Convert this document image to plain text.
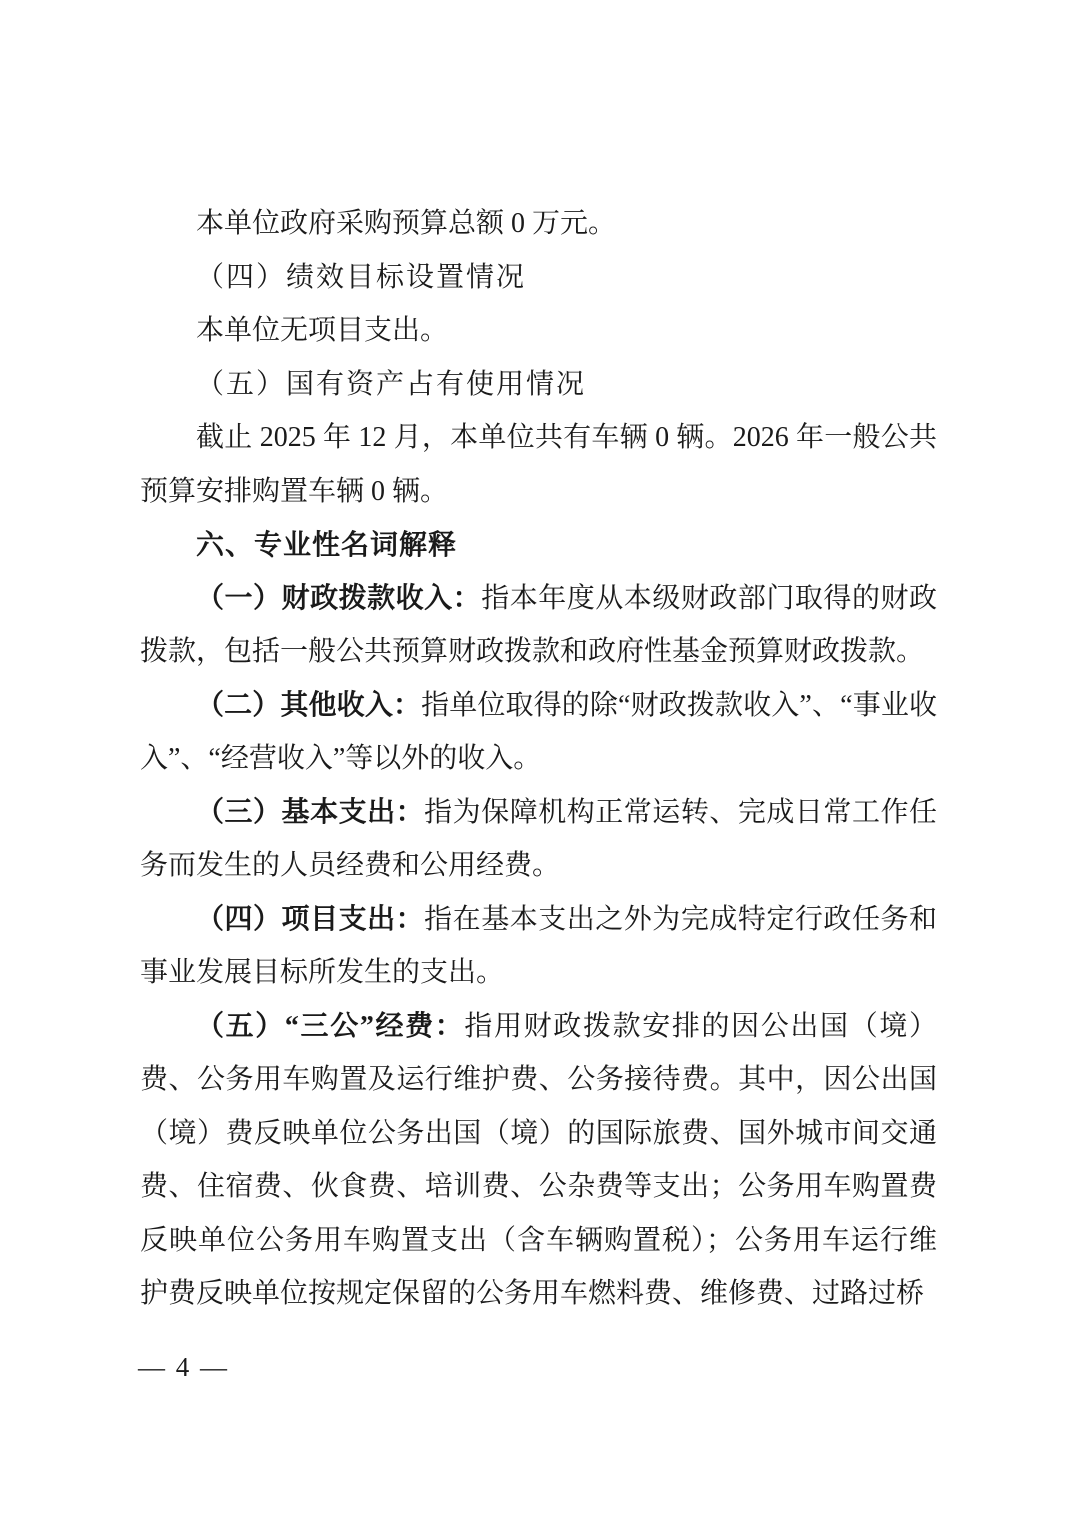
本单位政府采购预算总额 0 万元。

（四）绩效目标设置情况

本单位无项目支出。

（五）国有资产占有使用情况

截止 2025 年 12 月，本单位共有车辆 0 辆。2026 年一般公共预算安排购置车辆 0 辆。

六、专业性名词解释

（一）财政拨款收入：指本年度从本级财政部门取得的财政拨款，包括一般公共预算财政拨款和政府性基金预算财政拨款。

（二）其他收入：指单位取得的除“财政拨款收入”、“事业收入”、“经营收入”等以外的收入。

（三）基本支出：指为保障机构正常运转、完成日常工作任务而发生的人员经费和公用经费。

（四）项目支出：指在基本支出之外为完成特定行政任务和事业发展目标所发生的支出。

（五）“三公”经费：指用财政拨款安排的因公出国（境）费、公务用车购置及运行维护费、公务接待费。其中，因公出国（境）费反映单位公务出国（境）的国际旅费、国外城市间交通费、住宿费、伙食费、培训费、公杂费等支出；公务用车购置费反映单位公务用车购置支出（含车辆购置税）；公务用车运行维护费反映单位按规定保留的公务用车燃料费、维修费、过路过桥

— 4 —
